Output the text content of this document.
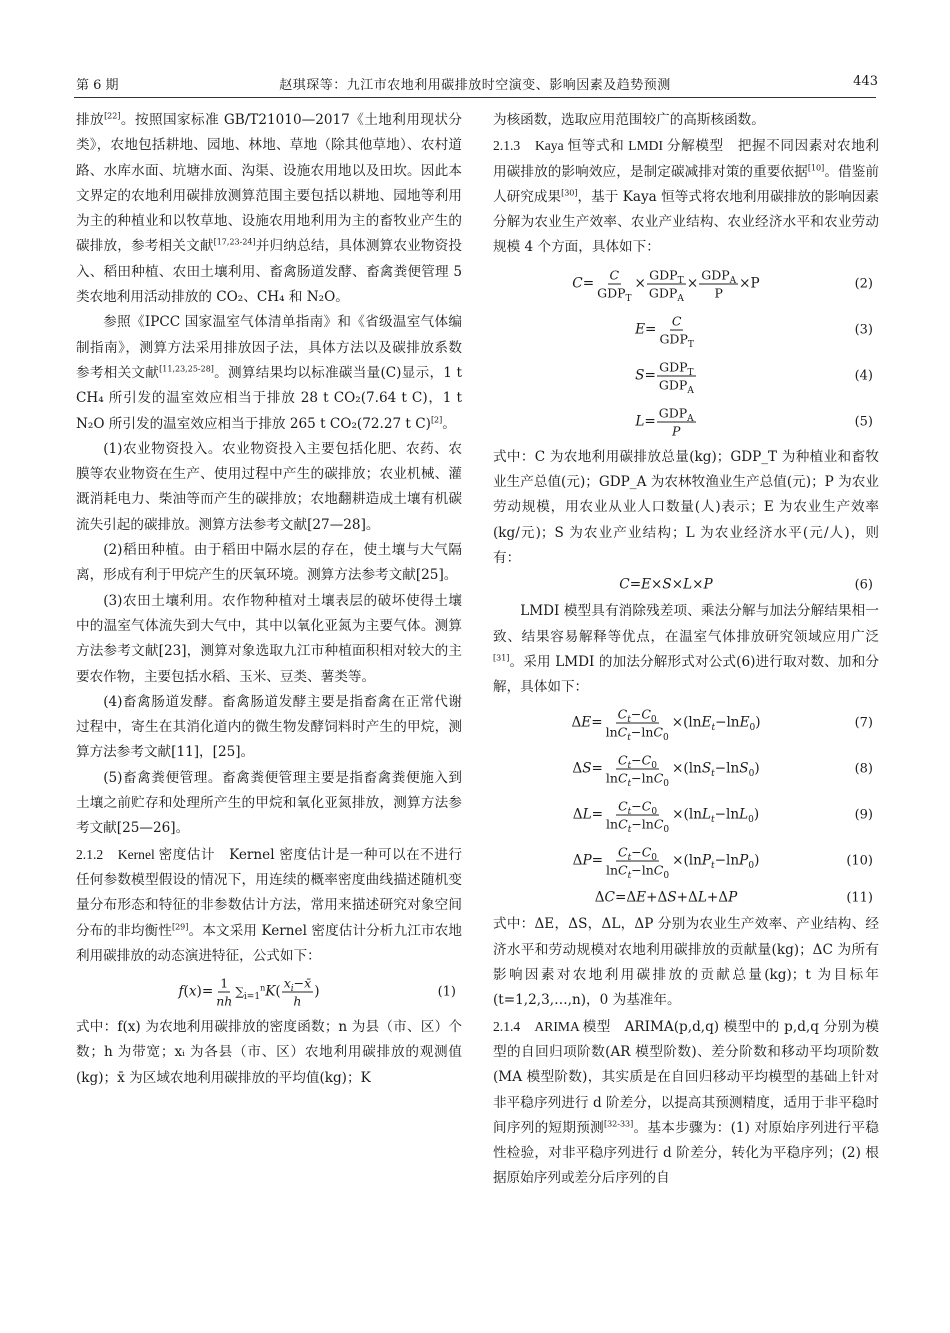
第 6 期	赵琪琛等：九江市农地利用碳排放时空演变、影响因素及趋势预测	443

排放[22]。按照国家标准 GB/T21010—2017《土地利用现状分类》，农地包括耕地、园地、林地、草地（除其他草地）、农村道路、水库水面、坑塘水面、沟渠、设施农用地以及田坎。因此本文界定的农地利用碳排放测算范围主要包括以耕地、园地等利用为主的种植业和以牧草地、设施农用地利用为主的畜牧业产生的碳排放，参考相关文献[17,23-24]并归纳总结，具体测算农业物资投入、稻田种植、农田土壤利用、畜禽肠道发酵、畜禽粪便管理 5 类农地利用活动排放的 CO₂、CH₄ 和 N₂O。

参照《IPCC 国家温室气体清单指南》和《省级温室气体编制指南》，测算方法采用排放因子法，具体方法以及碳排放系数参考相关文献[11,23,25-28]。测算结果均以标准碳当量(C)显示，1 t CH₄ 所引发的温室效应相当于排放 28 t CO₂(7.64 t C)，1 t N₂O 所引发的温室效应相当于排放 265 t CO₂(72.27 t C)[2]。

(1)农业物资投入。农业物资投入主要包括化肥、农药、农膜等农业物资在生产、使用过程中产生的碳排放；农业机械、灌溉消耗电力、柴油等而产生的碳排放；农地翻耕造成土壤有机碳流失引起的碳排放。测算方法参考文献[27—28]。

(2)稻田种植。由于稻田中隔水层的存在，使土壤与大气隔离，形成有利于甲烷产生的厌氧环境。测算方法参考文献[25]。

(3)农田土壤利用。农作物种植对土壤表层的破坏使得土壤中的温室气体流失到大气中，其中以氧化亚氮为主要气体。测算方法参考文献[23]，测算对象选取九江市种植面积相对较大的主要农作物，主要包括水稻、玉米、豆类、薯类等。

(4)畜禽肠道发酵。畜禽肠道发酵主要是指畜禽在正常代谢过程中，寄生在其消化道内的微生物发酵饲料时产生的甲烷，测算方法参考文献[11]，[25]。

(5)畜禽粪便管理。畜禽粪便管理主要是指畜禽粪便施入到土壤之前贮存和处理所产生的甲烷和氧化亚氮排放，测算方法参考文献[25—26]。

2.1.2　Kernel 密度估计　Kernel 密度估计是一种可以在不进行任何参数模型假设的情况下，用连续的概率密度曲线描述随机变量分布形态和特征的非参数估计方法，常用来描述研究对象空间分布的非均衡性[29]。本文采用 Kernel 密度估计分析九江市农地利用碳排放的动态演进特征，公式如下：

$f(x)= \frac{1}{nh} \sum_{i=1}^nK( \frac{x_i-x̄}{h}$ )	(1)

式中：f(x) 为农地利用碳排放的密度函数；n 为县（市、区）个数；h 为带宽；xᵢ 为各县（市、区）农地利用碳排放的观测值(kg)；x̄ 为区域农地利用碳排放的平均值(kg)；K

为核函数，选取应用范围较广的高斯核函数。

2.1.3　Kaya 恒等式和 LMDI 分解模型　把握不同因素对农地利用碳排放的影响效应，是制定碳减排对策的重要依据[10]。借鉴前人研究成果[30]，基于 Kaya 恒等式将农地利用碳排放的影响因素分解为农业生产效率、农业产业结构、农业经济水平和农业劳动规模 4 个方面，具体如下：

$C= \frac{C}{GDP_T} \times \frac{GDP_T}{GDP_A} \times \frac{GDP_A}{P} \times P$	(2)
$E= \frac{C}{GDP_T}$	(3)
$S= \frac{GDP_T}{GDP_A}$	(4)
$L= \frac{GDP_A}{P}$	(5)

式中：C 为农地利用碳排放总量(kg)；GDP_T 为种植业和畜牧业生产总值(元)；GDP_A 为农林牧渔业生产总值(元)；P 为农业劳动规模，用农业从业人口数量(人)表示；E 为农业生产效率(kg/元)；S 为农业产业结构；L 为农业经济水平(元/人)，则有：

C=E×S×L×P	(6)

LMDI 模型具有消除残差项、乘法分解与加法分解结果相一致、结果容易解释等优点，在温室气体排放研究领域应用广泛[31]。采用 LMDI 的加法分解形式对公式(6)进行取对数、加和分解，具体如下：

$\Delta E= \frac{C_t-C_0}{\ln C_t-\ln C_0} \times(\ln E_t-\ln E_0)$	(7)
$\Delta S= \frac{C_t-C_0}{\ln C_t-\ln C_0} \times(\ln S_t-\ln S_0)$	(8)
$\Delta L= \frac{C_t-C_0}{\ln C_t-\ln C_0} \times(\ln L_t-\ln L_0)$	(9)
$\Delta P= \frac{C_t-C_0}{\ln C_t-\ln C_0} \times(\ln P_t-\ln P_0)$	(10)
ΔC=ΔE+ΔS+ΔL+ΔP	(11)

式中：ΔE，ΔS，ΔL，ΔP 分别为农业生产效率、产业结构、经济水平和劳动规模对农地利用碳排放的贡献量(kg)；ΔC 为所有影响因素对农地利用碳排放的贡献总量(kg)；t 为目标年(t=1,2,3,…,n)，0 为基准年。

2.1.4　ARIMA 模型　ARIMA(p,d,q) 模型中的 p,d,q 分别为模型的自回归项阶数(AR 模型阶数)、差分阶数和移动平均项阶数(MA 模型阶数)，其实质是在自回归移动平均模型的基础上针对非平稳序列进行 d 阶差分，以提高其预测精度，适用于非平稳时间序列的短期预测[32-33]。基本步骤为：(1) 对原始序列进行平稳性检验，对非平稳序列进行 d 阶差分，转化为平稳序列；(2) 根据原始序列或差分后序列的自
